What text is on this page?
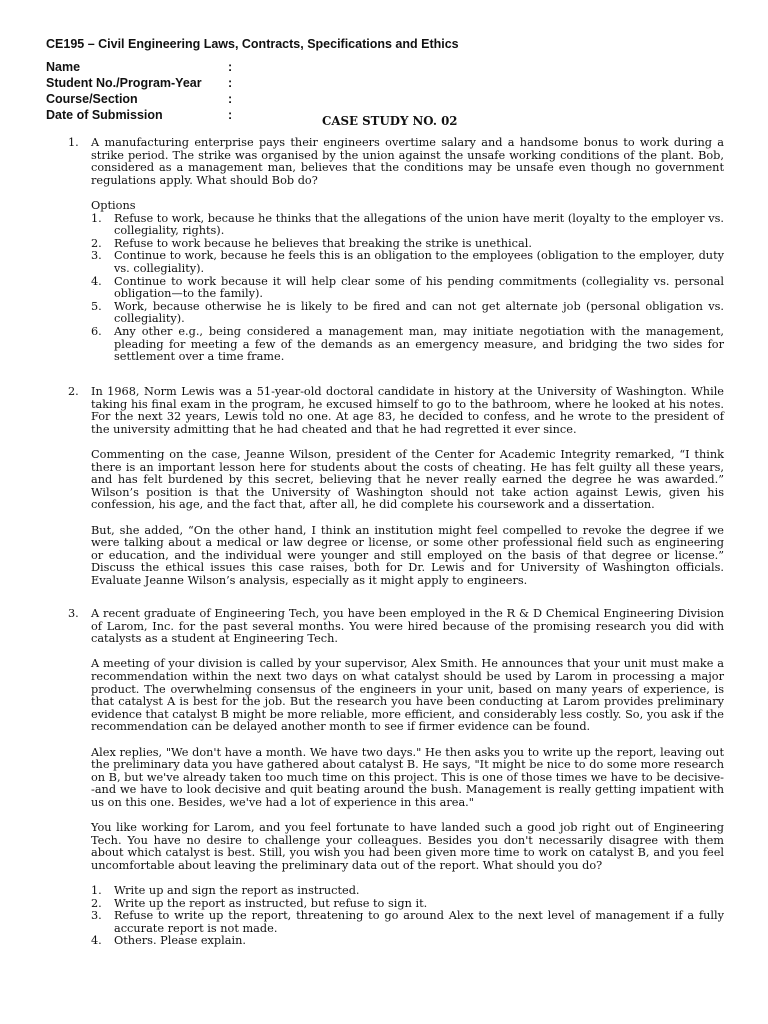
CE195 – Civil Engineering Laws, Contracts, Specifications and Ethics
Name	:
Student No./Program-Year :
Course/Section	:
Date of Submission	:	CASE STUDY NO. 02
1. A manufacturing enterprise pays their engineers overtime salary and a handsome bonus to work during a strike period. The strike was organised by the union against the unsafe working conditions of the plant. Bob, considered as a management man, believes that the conditions may be unsafe even though no government regulations apply. What should Bob do?

Options
1. Refuse to work, because he thinks that the allegations of the union have merit (loyalty to the employer vs. collegiality, rights).
2. Refuse to work because he believes that breaking the strike is unethical.
3. Continue to work, because he feels this is an obligation to the employees (obligation to the employer, duty vs. collegiality).
4. Continue to work because it will help clear some of his pending commitments (collegiality vs. personal obligation—to the family).
5. Work, because otherwise he is likely to be fired and can not get alternate job (personal obligation vs. collegiality).
6. Any other e.g., being considered a management man, may initiate negotiation with the management, pleading for meeting a few of the demands as an emergency measure, and bridging the two sides for settlement over a time frame.
2. In 1968, Norm Lewis was a 51-year-old doctoral candidate in history at the University of Washington. While taking his final exam in the program, he excused himself to go to the bathroom, where he looked at his notes. For the next 32 years, Lewis told no one. At age 83, he decided to confess, and he wrote to the president of the university admitting that he had cheated and that he had regretted it ever since.

Commenting on the case, Jeanne Wilson, president of the Center for Academic Integrity remarked, “I think there is an important lesson here for students about the costs of cheating. He has felt guilty all these years, and has felt burdened by this secret, believing that he never really earned the degree he was awarded.” Wilson’s position is that the University of Washington should not take action against Lewis, given his confession, his age, and the fact that, after all, he did complete his coursework and a dissertation.

But, she added, “On the other hand, I think an institution might feel compelled to revoke the degree if we were talking about a medical or law degree or license, or some other professional field such as engineering or education, and the individual were younger and still employed on the basis of that degree or license.” Discuss the ethical issues this case raises, both for Dr. Lewis and for University of Washington officials. Evaluate Jeanne Wilson’s analysis, especially as it might apply to engineers.

3. A recent graduate of Engineering Tech, you have been employed in the R & D Chemical Engineering Division of Larom, Inc. for the past several months. You were hired because of the promising research you did with catalysts as a student at Engineering Tech.

A meeting of your division is called by your supervisor, Alex Smith. He announces that your unit must make a recommendation within the next two days on what catalyst should be used by Larom in processing a major product. The overwhelming consensus of the engineers in your unit, based on many years of experience, is that catalyst A is best for the job. But the research you have been conducting at Larom provides preliminary evidence that catalyst B might be more reliable, more efficient, and considerably less costly. So, you ask if the recommendation can be delayed another month to see if firmer evidence can be found.

Alex replies, "We don't have a month. We have two days." He then asks you to write up the report, leaving out the preliminary data you have gathered about catalyst B. He says, "It might be nice to do some more research on B, but we've already taken too much time on this project. This is one of those times we have to be decisive--and we have to look decisive and quit beating around the bush. Management is really getting impatient with us on this one. Besides, we've had a lot of experience in this area."

You like working for Larom, and you feel fortunate to have landed such a good job right out of Engineering Tech. You have no desire to challenge your colleagues. Besides you don't necessarily disagree with them about which catalyst is best. Still, you wish you had been given more time to work on catalyst B, and you feel uncomfortable about leaving the preliminary data out of the report. What should you do?

1. Write up and sign the report as instructed.
2. Write up the report as instructed, but refuse to sign it.
3. Refuse to write up the report, threatening to go around Alex to the next level of management if a fully accurate report is not made.
4. Others. Please explain.
